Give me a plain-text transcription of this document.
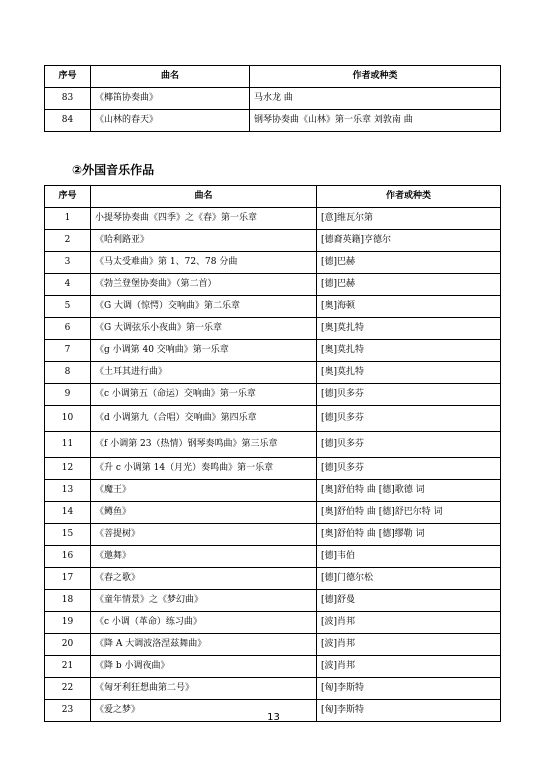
序号	曲名	作者或种类
83	《椰笛协奏曲》	马水龙 曲
84	《山林的春天》	钢琴协奏曲《山林》第一乐章 刘敦南 曲
②外国音乐作品
序号	曲名	作者或种类
1	小提琴协奏曲《四季》之《春》第一乐章	[意]维瓦尔第
2	《哈利路亚》	[德裔英籍]亨德尔
3	《马太受难曲》第 1、72、78 分曲	[德]巴赫
4	《勃兰登堡协奏曲》（第二首）	[德]巴赫
5	《G 大调（惊愕）交响曲》第二乐章	[奥]海顿
6	《G 大调弦乐小夜曲》第一乐章	[奥]莫扎特
7	《g 小调第 40 交响曲》第一乐章	[奥]莫扎特
8	《土耳其进行曲》	[奥]莫扎特
9	《c 小调第五（命运）交响曲》第一乐章	[德]贝多芬
10	《d 小调第九（合唱）交响曲》第四乐章	[德]贝多芬
11	《f 小调第 23（热情）钢琴奏鸣曲》第三乐章	[德]贝多芬
12	《升 c 小调第 14（月光）奏鸣曲》第一乐章	[德]贝多芬
13	《魔王》	[奥]舒伯特 曲 [德]歌德 词
14	《鳟鱼》	[奥]舒伯特 曲 [德]舒巴尔特 词
15	《菩提树》	[奥]舒伯特 曲 [德]缪勒 词
16	《邀舞》	[德]韦伯
17	《春之歌》	[德]门德尔松
18	《童年情景》之《梦幻曲》	[德]舒曼
19	《c 小调（革命）练习曲》	[波]肖邦
20	《降 A 大调波洛涅兹舞曲》	[波]肖邦
21	《降 b 小调夜曲》	[波]肖邦
22	《匈牙利狂想曲第二号》	[匈]李斯特
23	《爱之梦》	[匈]李斯特
13
